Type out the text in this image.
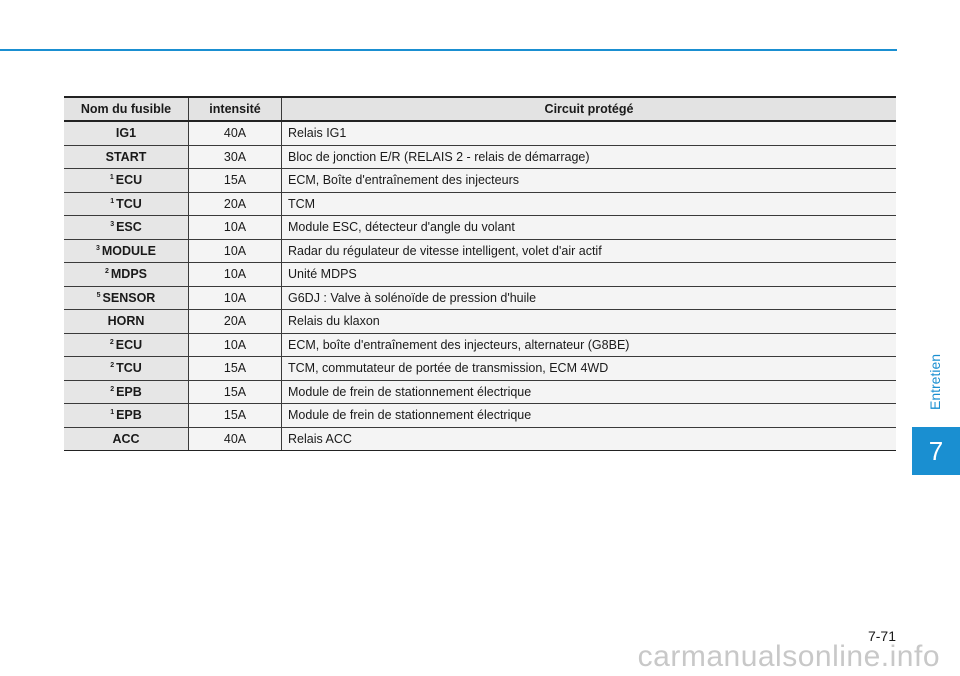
Nom du fusible	intensité	Circuit protégé
IG1	40A	Relais IG1
START	30A	Bloc de jonction E/R (RELAIS 2 - relais de démarrage)
$^1$ ECU	15A	ECM, Boîte d'entraînement des injecteurs
$^1$ TCU	20A	TCM
$^3$ ESC	10A	Module ESC, détecteur d'angle du volant
$^3$ MODULE	10A	Radar du régulateur de vitesse intelligent, volet d'air actif
$^2$ MDPS	10A	Unité MDPS
$^5$ SENSOR	10A	G6DJ : Valve à solénoïde de pression d'huile
HORN	20A	Relais du klaxon
$^2$ ECU	10A	ECM, boîte d'entraînement des injecteurs, alternateur (G8BE)
$^2$ TCU	15A	TCM, commutateur de portée de transmission, ECM 4WD
$^2$ EPB	15A	Module de frein de stationnement électrique
$^1$ EPB	15A	Module de frein de stationnement électrique
ACC	40A	Relais ACC
Entretien
7
7-71
carmanualsonline.info
